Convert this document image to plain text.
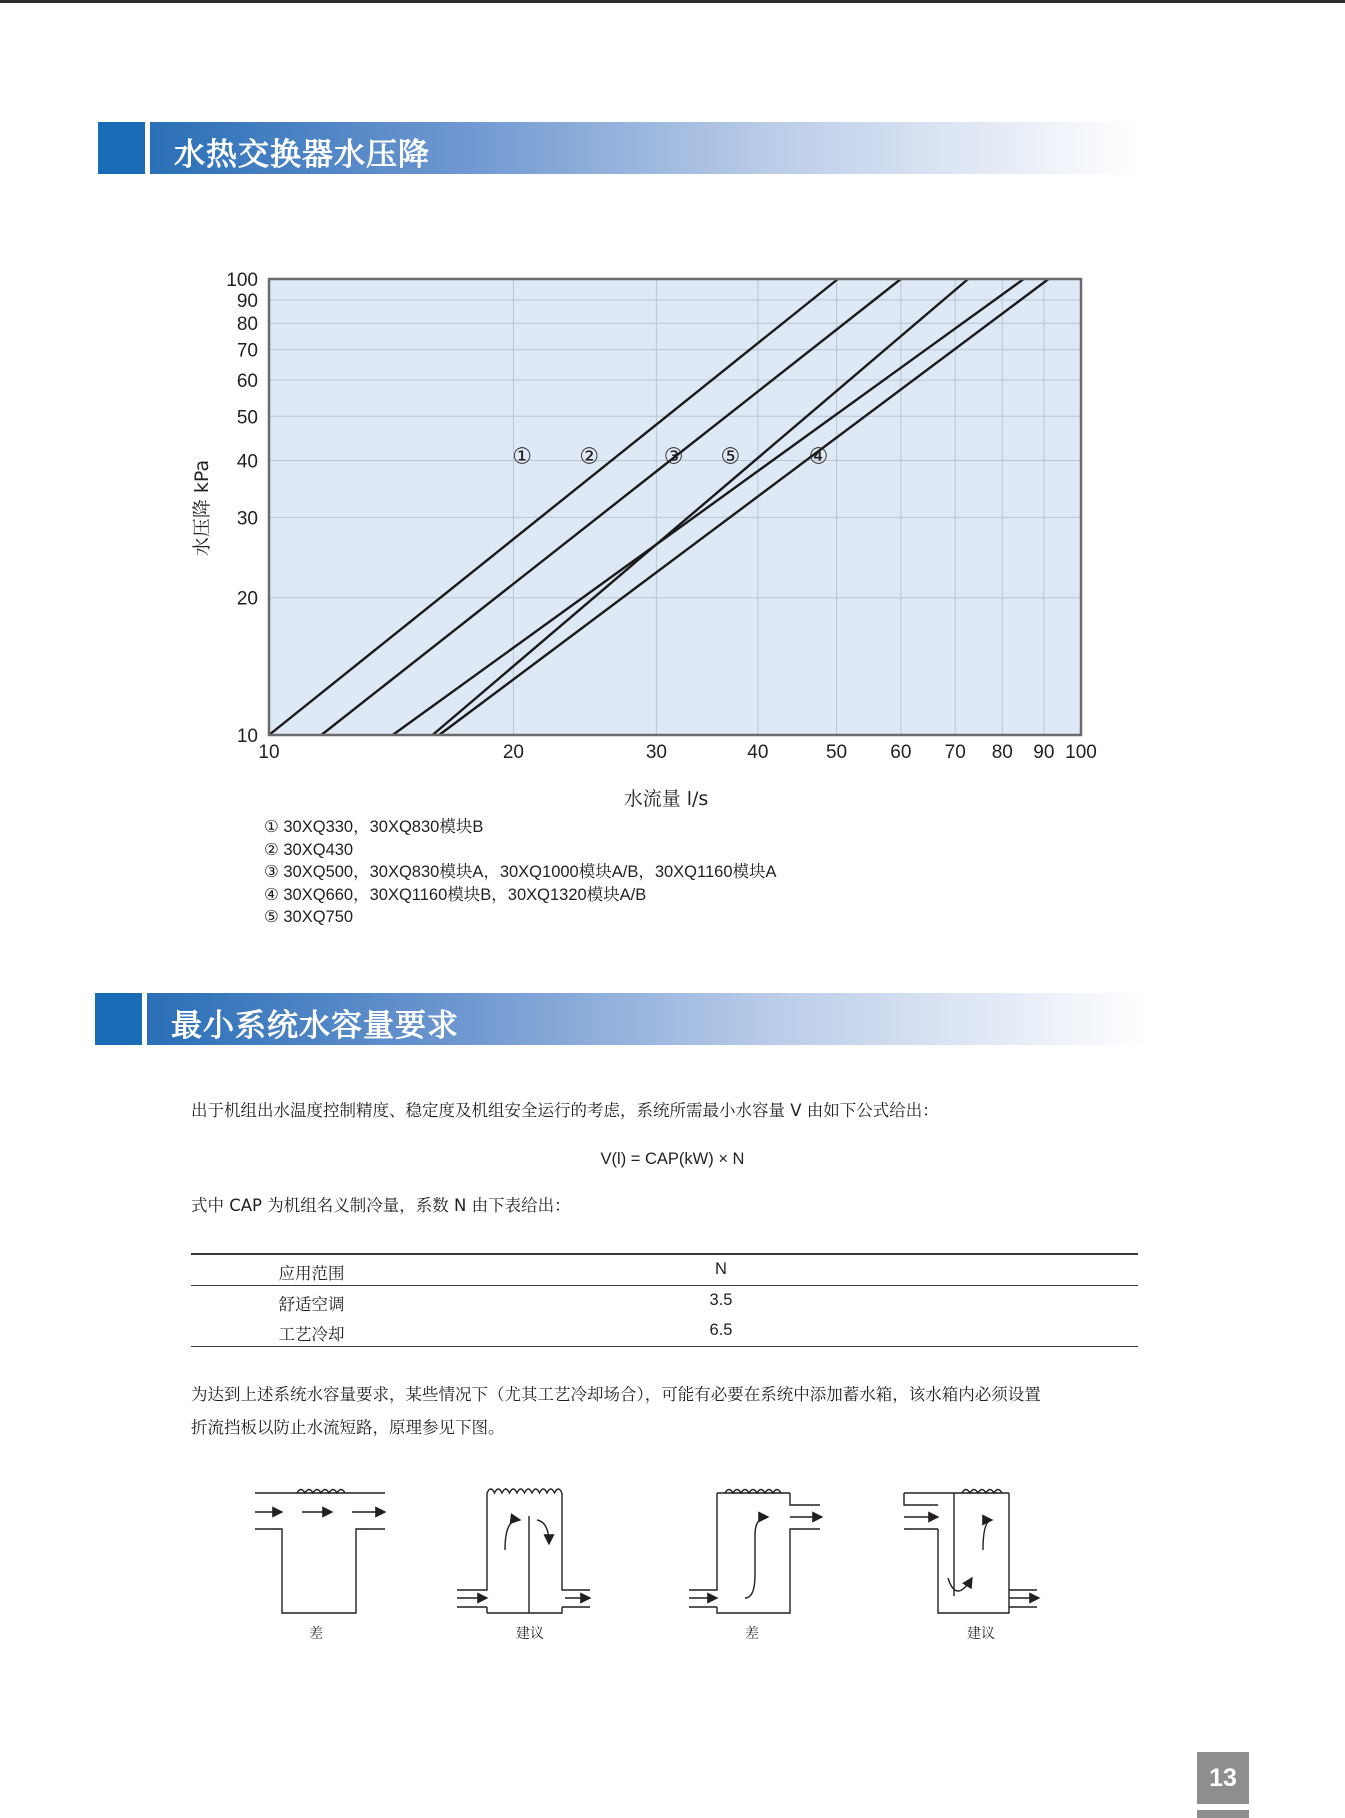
水热交换器水压降
10	20	30	40	50 60 70 80 90 100
10
20
30
40
50
60
70
80
90
100
① ②	③	④
⑤
水流量 l/s
水压降 kPa
① 30XQ330，30XQ830模块B
② 30XQ430
③ 30XQ500，30XQ830模块A，30XQ1000模块A/B，30XQ1160模块A
④ 30XQ660，30XQ1160模块B，30XQ1320模块A/B
⑤ 30XQ750
最小系统水容量要求
出于机组出水温度控制精度、稳定度及机组安全运行的考虑，系统所需最小水容量 V 由如下公式给出：
V(l) = CAP(kW) × N
式中 CAP 为机组名义制冷量，系数 N 由下表给出：
应用范围	N
舒适空调	3.5
工艺冷却	6.5
为达到上述系统水容量要求，某些情况下（尤其工艺冷却场合），可能有必要在系统中添加蓄水箱，该水箱内必须设置
折流挡板以防止水流短路，原理参见下图。
差	建议	差	建议
13
